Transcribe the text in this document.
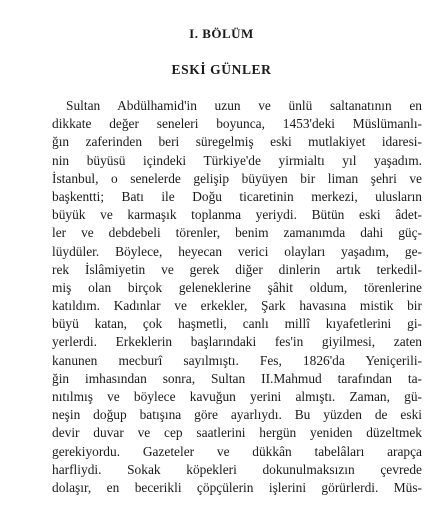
I. BÖLÜM
ESKİ GÜNLER
Sultan Abdülhamid'in uzun ve ünlü saltanatının en
dikkate değer seneleri boyunca, 1453'deki Müslümanlı-
ğın zaferinden beri süregelmiş eski mutlakiyet idaresi-
nin büyüsü içindeki Türkiye'de yirmialtı yıl yaşadım.
İstanbul, o senelerde gelişip büyüyen bir liman şehri ve
başkentti; Batı ile Doğu ticaretinin merkezi, ulusların
büyük ve karmaşık toplanma yeriydi. Bütün eski âdet-
ler ve debdebeli törenler, benim zamanımda dahi güç-
lüydüler. Böylece, heyecan verici olayları yaşadım, ge-
rek İslâmiyetin ve gerek diğer dinlerin artık terkedil-
miş olan birçok geleneklerine şâhit oldum, törenlerine
katıldım. Kadınlar ve erkekler, Şark havasına mistik bir
büyü katan, çok haşmetli, canlı millî kıyafetlerini gi-
yerlerdi. Erkeklerin başlarındaki fes'in giyilmesi, zaten
kanunen mecburî sayılmıştı. Fes, 1826'da Yeniçerili-
ğin imhasından sonra, Sultan II.Mahmud tarafından ta-
nıtılmış ve böylece kavuğun yerini almıştı. Zaman, gü-
neşin doğup batışına göre ayarlıydı. Bu yüzden de eski
devir duvar ve cep saatlerini hergün yeniden düzeltmek
gerekiyordu. Gazeteler ve dükkân tabelâları arapça
harfliydi. Sokak köpekleri dokunulmaksızın çevrede
dolaşır, en becerikli çöpçülerin işlerini görürlerdi. Müs-
